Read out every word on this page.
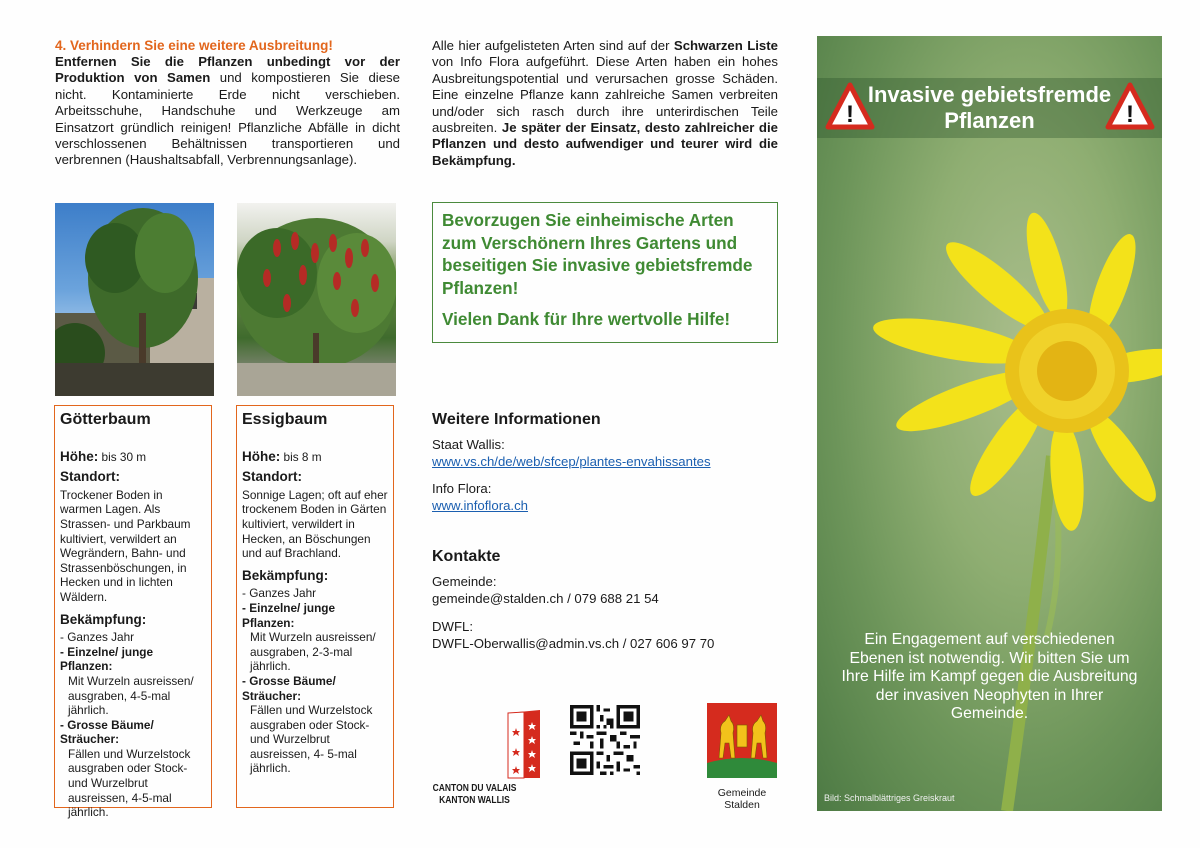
4. Verhindern Sie eine weitere Ausbreitung!
Entfernen Sie die Pflanzen unbedingt vor der Produktion von Samen und kompostieren Sie diese nicht. Kontaminierte Erde nicht verschieben. Arbeitsschuhe, Handschuhe und Werkzeuge am Einsatzort gründlich reinigen! Pflanzliche Abfälle in dicht verschlossenen Behältnissen transportieren und verbrennen (Haushaltsabfall, Verbrennungsanlage).
Götterbaum
Höhe: bis 30 m
Standort:
Trockener Boden in warmen Lagen. Als Strassen- und Parkbaum kultiviert, verwildert an Wegrändern, Bahn- und Strassenböschungen, in Hecken und in lichten Wäldern.
Bekämpfung:
- Ganzes Jahr
- Einzelne/ junge Pflanzen:
Mit Wurzeln ausreissen/ ausgraben, 4-5-mal jährlich.
- Grosse Bäume/ Sträucher:
Fällen und Wurzelstock ausgraben oder Stock- und Wurzelbrut ausreissen, 4-5-mal jährlich.
Essigbaum
Höhe: bis 8 m
Standort:
Sonnige Lagen; oft auf eher trockenem Boden in Gärten kultiviert, verwildert in Hecken, an Böschungen und auf Brachland.
Bekämpfung:
- Ganzes Jahr
- Einzelne/ junge Pflanzen:
Mit Wurzeln ausreissen/ ausgraben, 2-3-mal jährlich.
- Grosse Bäume/ Sträucher:
Fällen und Wurzelstock ausgraben oder Stock- und Wurzelbrut ausreissen, 4- 5-mal jährlich.
Alle hier aufgelisteten Arten sind auf der Schwarzen Liste von Info Flora aufgeführt. Diese Arten haben ein hohes Ausbreitungspotential und verursachen grosse Schäden. Eine einzelne Pflanze kann zahlreiche Samen verbreiten und/oder sich rasch durch ihre unterirdischen Teile ausbreiten. Je später der Einsatz, desto zahlreicher die Pflanzen und desto aufwendiger und teurer wird die Bekämpfung.

Bevorzugen Sie einheimische Arten zum Verschönern Ihres Gartens und beseitigen Sie invasive gebietsfremde Pflanzen!

Vielen Dank für Ihre wertvolle Hilfe!

Weitere Informationen
Staat Wallis:
www.vs.ch/de/web/sfcep/plantes-envahissantes
Info Flora:
www.infoflora.ch
Kontakte
Gemeinde:
gemeinde@stalden.ch / 079 688 21 54
DWFL:
DWFL-Oberwallis@admin.vs.ch / 027 606 97 70
CANTON DU VALAIS
KANTON WALLIS
Gemeinde
Stalden
Invasive gebietsfremde
Pflanzen
!	!
Ein Engagement auf verschiedenen Ebenen ist notwendig. Wir bitten Sie um Ihre Hilfe im Kampf gegen die Ausbreitung der invasiven Neophyten in Ihrer Gemeinde.
Bild: Schmalblättriges Greiskraut
